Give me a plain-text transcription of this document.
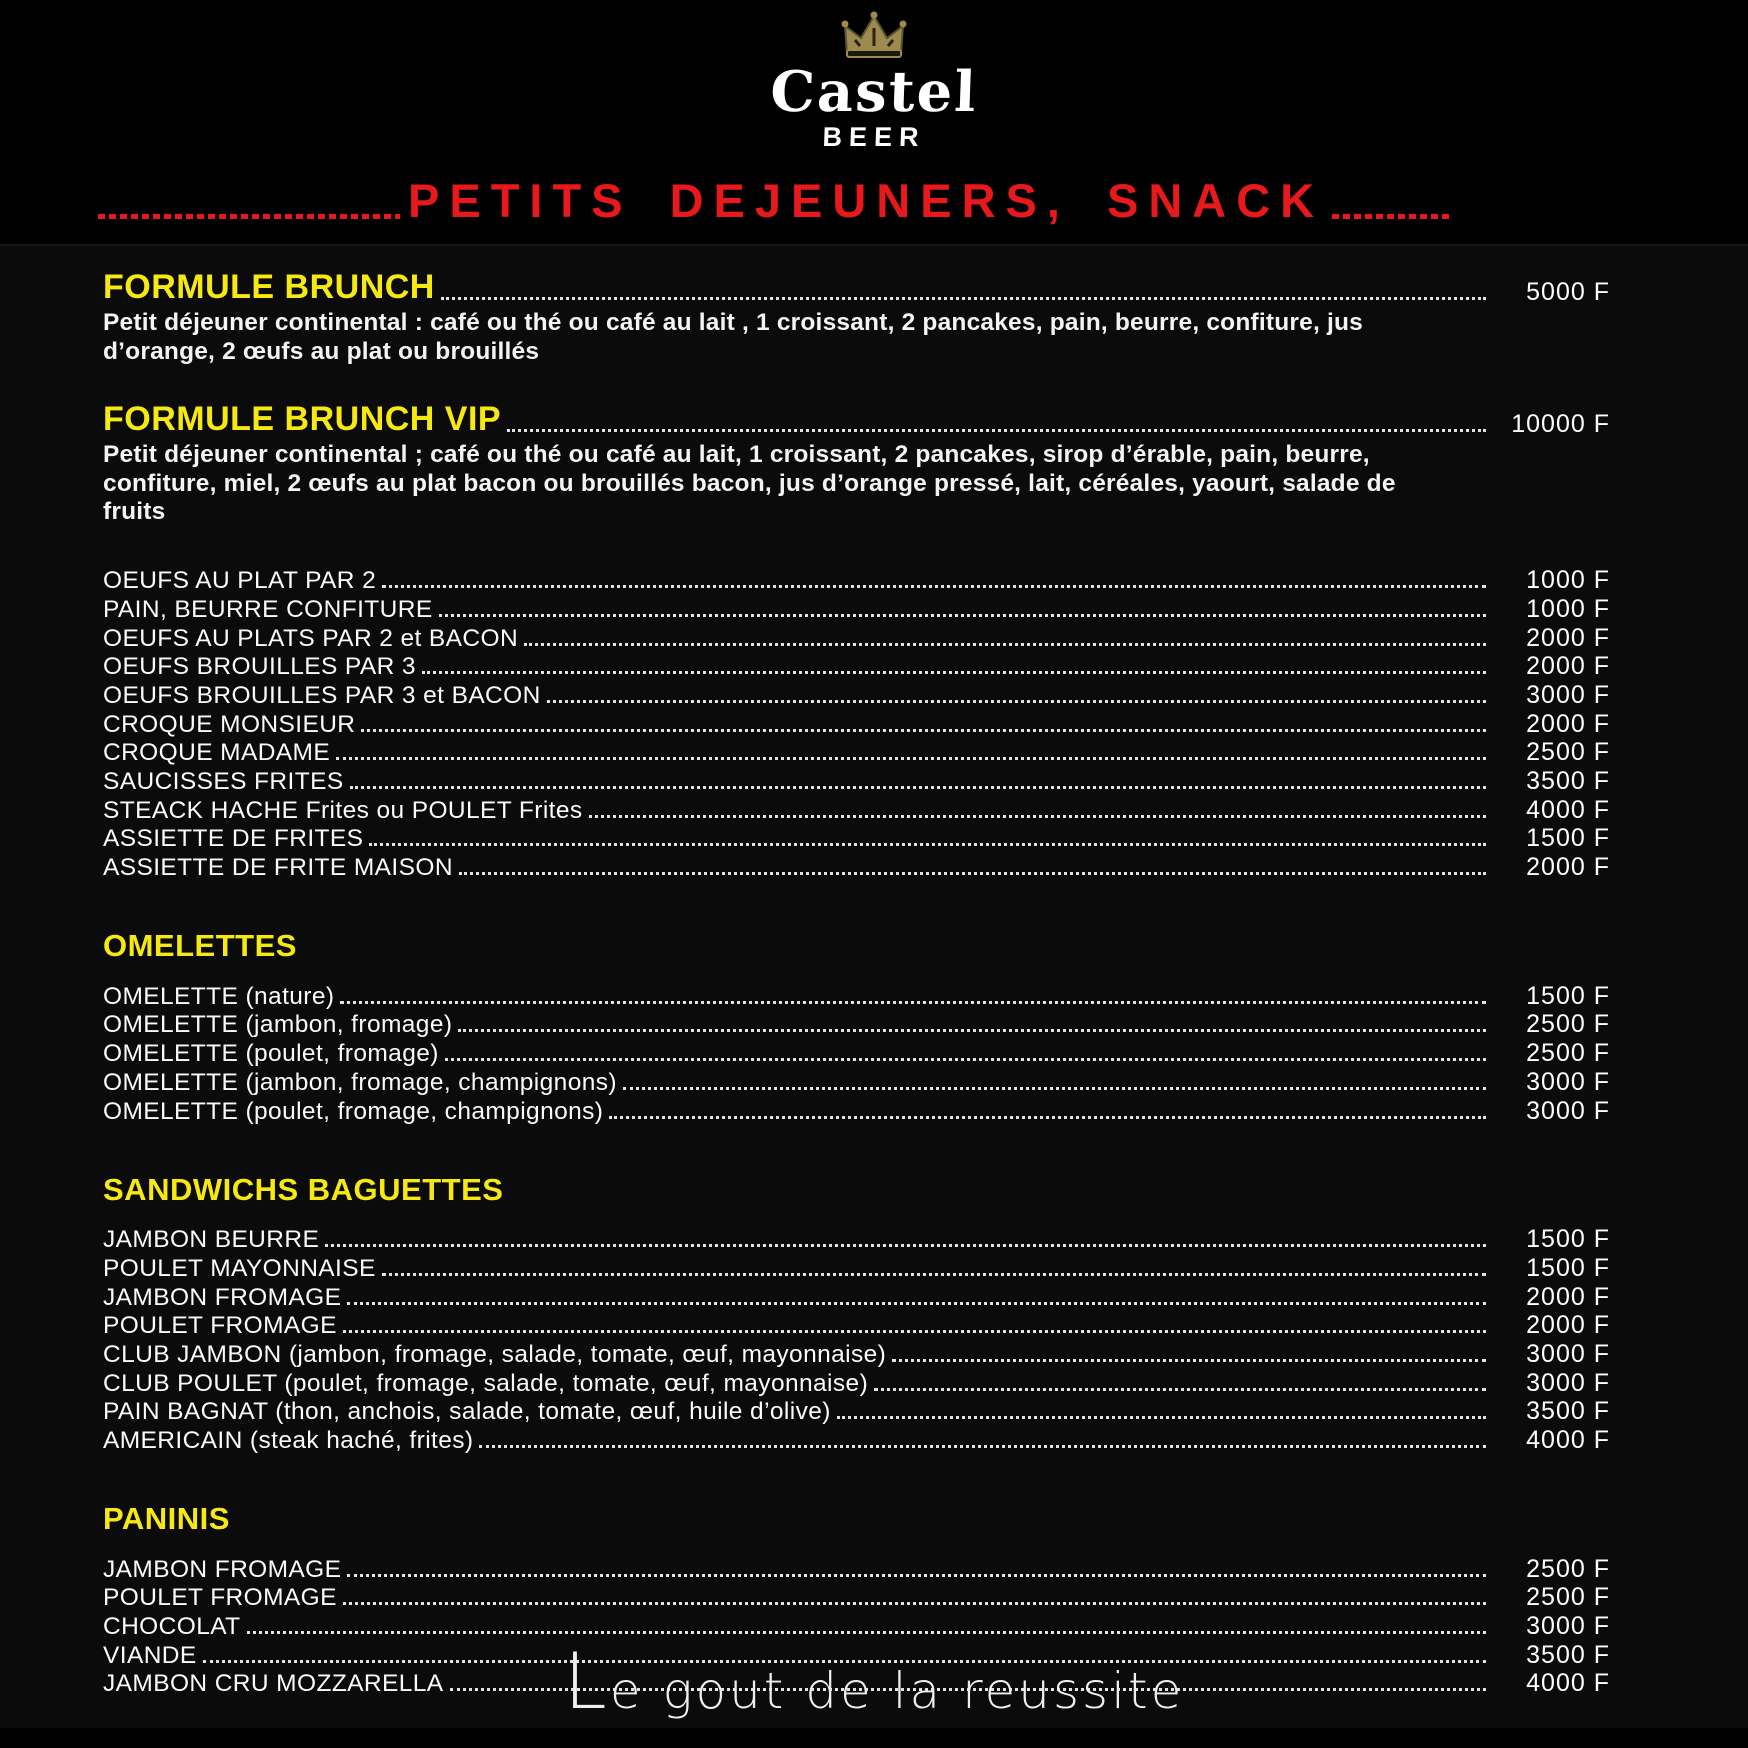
Castel
BEER
PETITS DEJEUNERS, SNACK
FORMULE BRUNCH	5000 F

Petit déjeuner continental : café ou thé ou café au lait , 1 croissant, 2 pancakes, pain, beurre, confiture, jus d’orange, 2 œufs au plat ou brouillés

FORMULE BRUNCH VIP	10000 F

Petit déjeuner continental ; café ou thé ou café au lait, 1 croissant, 2 pancakes, sirop d’érable, pain, beurre, confiture, miel, 2 œufs au plat bacon ou brouillés bacon, jus d’orange pressé, lait, céréales, yaourt, salade de fruits

OEUFS AU PLAT PAR 2	1000 F
PAIN, BEURRE CONFITURE	1000 F
OEUFS AU PLATS PAR 2 et BACON	2000 F
OEUFS BROUILLES PAR 3	2000 F
OEUFS BROUILLES PAR 3 et BACON	3000 F
CROQUE MONSIEUR	2000 F
CROQUE MADAME	2500 F
SAUCISSES FRITES	3500 F
STEACK HACHE Frites ou POULET Frites	4000 F
ASSIETTE DE FRITES	1500 F
ASSIETTE DE FRITE MAISON	2000 F
OMELETTES
OMELETTE (nature)	1500 F
OMELETTE (jambon, fromage)	2500 F
OMELETTE (poulet, fromage)	2500 F
OMELETTE (jambon, fromage, champignons)	3000 F
OMELETTE (poulet, fromage, champignons)	3000 F
SANDWICHS BAGUETTES
JAMBON BEURRE	1500 F
POULET MAYONNAISE	1500 F
JAMBON FROMAGE	2000 F
POULET FROMAGE	2000 F
CLUB JAMBON (jambon, fromage, salade, tomate, œuf, mayonnaise)	3000 F
CLUB POULET (poulet, fromage, salade, tomate, œuf, mayonnaise)	3000 F
PAIN BAGNAT (thon, anchois, salade, tomate, œuf, huile d’olive)	3500 F
AMERICAIN (steak haché, frites)	4000 F
PANINIS
JAMBON FROMAGE	2500 F
POULET FROMAGE	2500 F
CHOCOLAT	3000 F
VIANDE	3500 F
JAMBON CRU MOZZARELLA	4000 F
Le gout de la reussite
